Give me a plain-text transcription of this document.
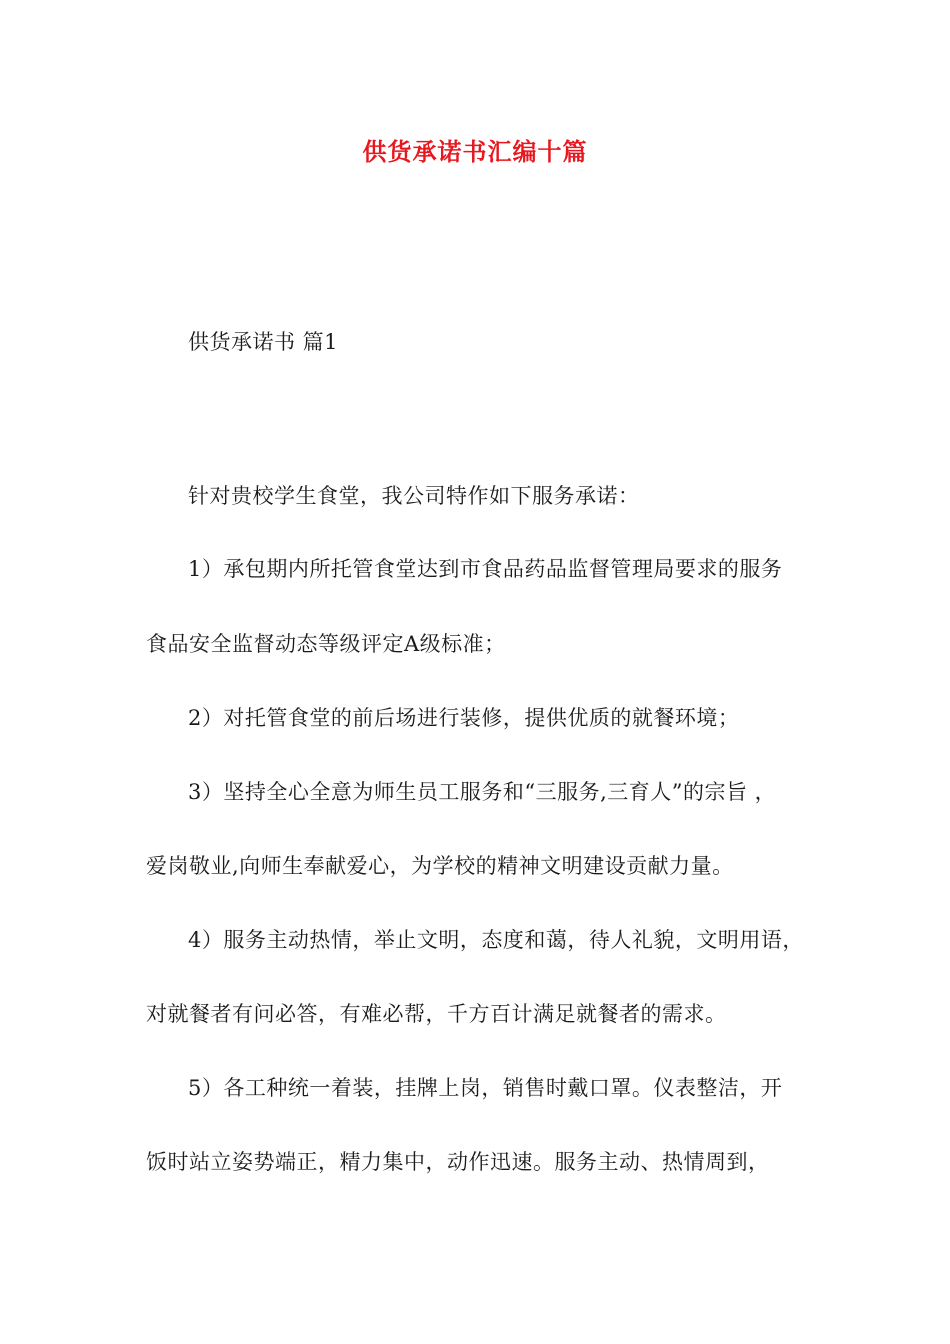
供货承诺书汇编十篇
供货承诺书 篇1
针对贵校学生食堂，我公司特作如下服务承诺：
1）承包期内所托管食堂达到市食品药品监督管理局要求的服务
食品安全监督动态等级评定A级标准；
2）对托管食堂的前后场进行装修，提供优质的就餐环境；
3）坚持全心全意为师生员工服务和“三服务,三育人”的宗旨 ，
爱岗敬业,向师生奉献爱心，为学校的精神文明建设贡献力量。
4）服务主动热情，举止文明，态度和蔼，待人礼貌，文明用语，
对就餐者有问必答，有难必帮，千方百计满足就餐者的需求。
5）各工种统一着装，挂牌上岗，销售时戴口罩。仪表整洁，开
饭时站立姿势端正，精力集中，动作迅速。服务主动、热情周到，
